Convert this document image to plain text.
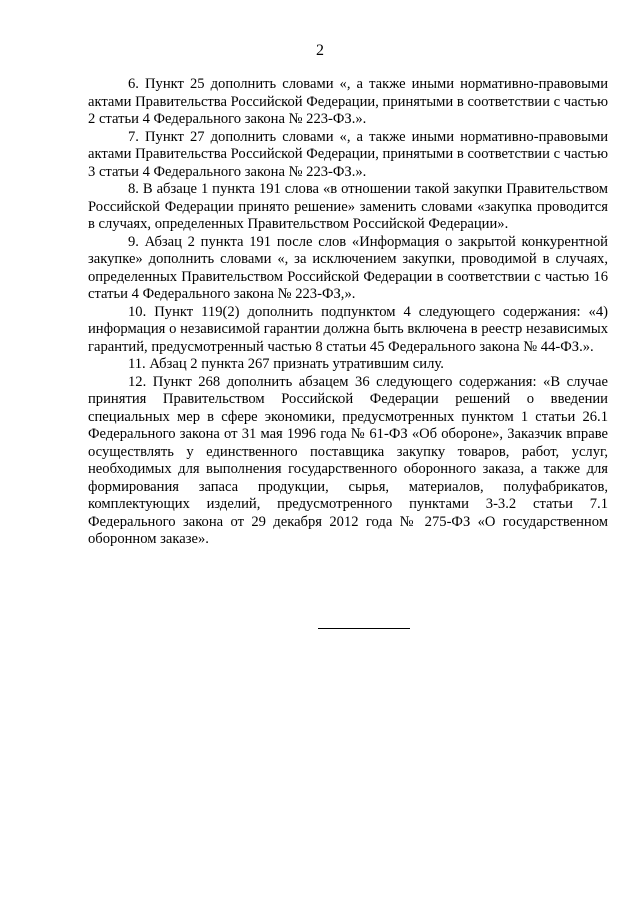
2

6. Пункт 25 дополнить словами «, а также иными нормативно-правовыми актами Правительства Российской Федерации, принятыми в соответствии с частью 2 статьи 4 Федерального закона № 223-ФЗ.».

7. Пункт 27 дополнить словами «, а также иными нормативно-правовыми актами Правительства Российской Федерации, принятыми в соответствии с частью 3 статьи 4 Федерального закона № 223-ФЗ.».

8. В абзаце 1 пункта 191 слова «в отношении такой закупки Правительством Российской Федерации принято решение» заменить словами «закупка проводится в случаях, определенных Правительством Российской Федерации».

9. Абзац 2 пункта 191 после слов «Информация о закрытой конкурентной закупке» дополнить словами «, за исключением закупки, проводимой в случаях, определенных Правительством Российской Федерации в соответствии с частью 16 статьи 4 Федерального закона № 223-ФЗ,».

10. Пункт 119(2) дополнить подпунктом 4 следующего содержания: «4) информация о независимой гарантии должна быть включена в реестр независимых гарантий, предусмотренный частью 8 статьи 45 Федерального закона № 44-ФЗ.».

11. Абзац 2 пункта 267 признать утратившим силу.

12. Пункт 268 дополнить абзацем 36 следующего содержания: «В случае принятия Правительством Российской Федерации решений о введении специальных мер в сфере экономики, предусмотренных пунктом 1 статьи 26.1 Федерального закона от 31 мая 1996 года № 61-ФЗ «Об обороне», Заказчик вправе осуществлять у единственного поставщика закупку товаров, работ, услуг, необходимых для выполнения государственного оборонного заказа, а также для формирования запаса продукции, сырья, материалов, полуфабрикатов, комплектующих изделий, предусмотренного пунктами 3-3.2 статьи 7.1 Федерального закона от 29 декабря 2012 года № 275-ФЗ «О государственном оборонном заказе».
